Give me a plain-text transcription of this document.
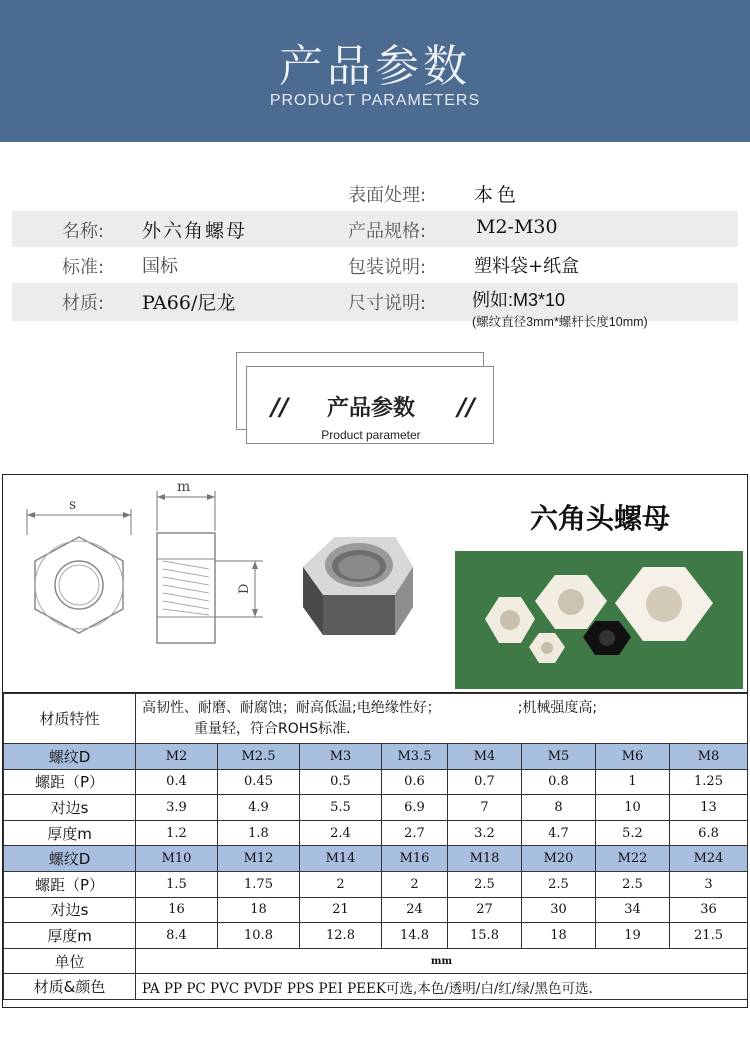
产品参数
PRODUCT PARAMETERS
表面处理:	本色
名称: 外六角螺母	产品规格:	M2-M30
标准: 国标	包装说明:	塑料袋+纸盒
材质: PA66/尼龙	尺寸说明:	例如:M3*10
(螺纹直径3mm*螺杆长度10mm)
//	产品参数	//
Product parameter
s
m
D
六角头螺母
材质特性	高韧性、耐磨、耐腐蚀；耐高低温;电绝缘性好；　　　　　　;机械强度高;
重量轻，符合ROHS标准.							

螺纹D	M2	M2.5	M3	M3.5	M4	M5	M6	M8
螺距（P）	0.4	0.45	0.5	0.6	0.7	0.8	1	1.25
对边s	3.9	4.9	5.5	6.9	7	8	10	13
厚度m	1.2	1.8	2.4	2.7	3.2	4.7	5.2	6.8
螺纹D	M10	M12	M14	M16	M18	M20	M22	M24
螺距（P）	1.5	1.75	2	2	2.5	2.5	2.5	3
对边s	16	18	21	24	27	30	34	36
厚度m	8.4	10.8	12.8	14.8	15.8	18	19	21.5
单位	mm							
材质&颜色	PA PP PC PVC PVDF PPS PEI PEEK可选,本色/透明/白/红/绿/黑色可选.							
